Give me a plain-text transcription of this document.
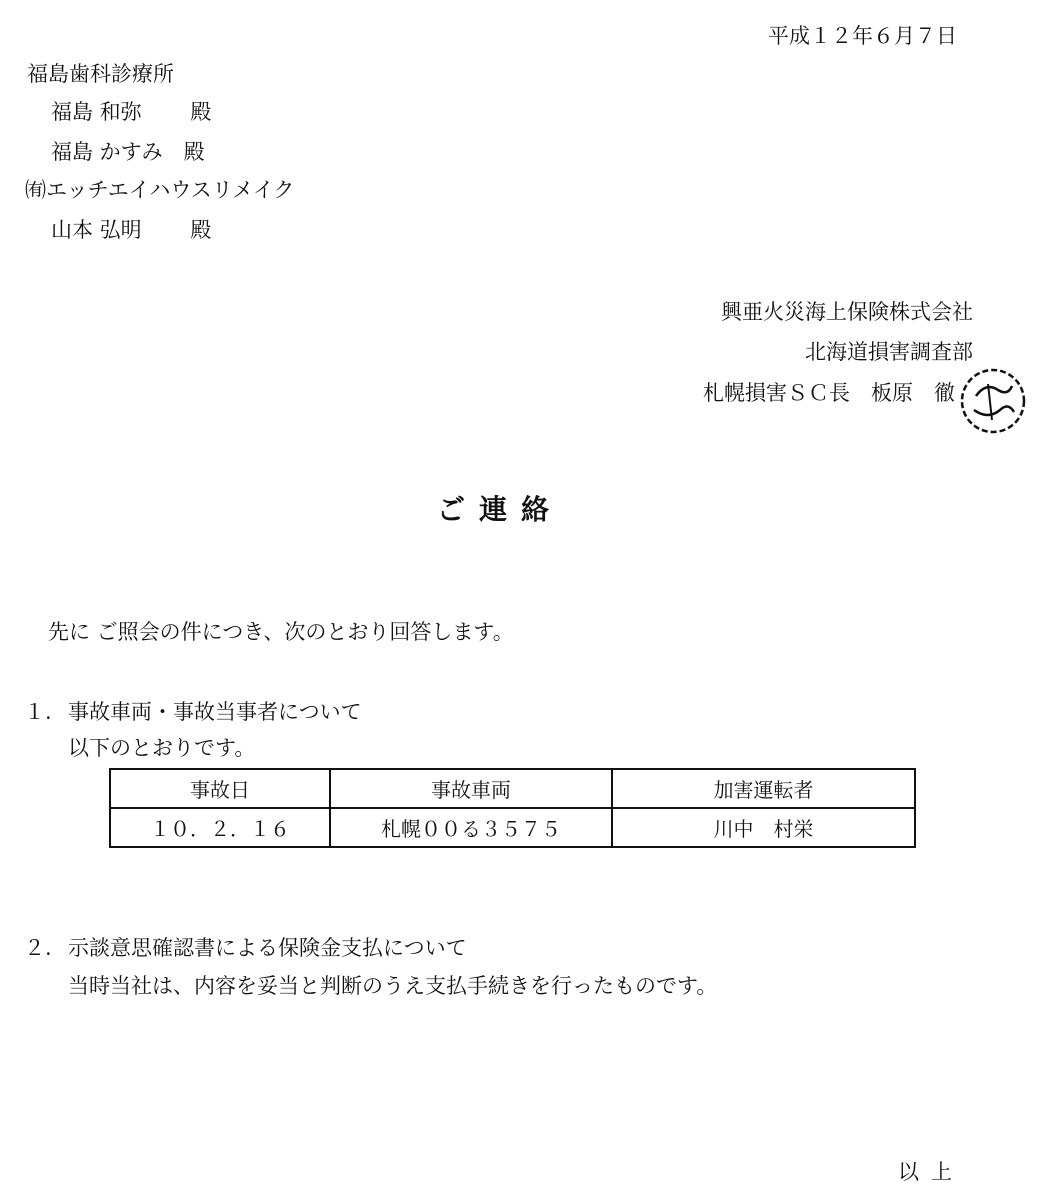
平成１２年６月７日
福島歯科診療所
福島 和弥 　　殿
福島 かすみ　殿
㈲エッチエイハウスリメイク
山本 弘明 　　殿
興亜火災海上保険株式会社
北海道損害調査部
札幌損害ＳＣ長　板原　徹
ご連絡
先に ご照会の件につき、次のとおり回答します。
１. 事故車両・事故当事者について
以下のとおりです。
事故日	事故車両	加害運転者
１０．２．１６	札幌００る３５７５	川中　村栄
２. 示談意思確認書による保険金支払について
当時当社は、内容を妥当と判断のうえ支払手続きを行ったものです。
以上
